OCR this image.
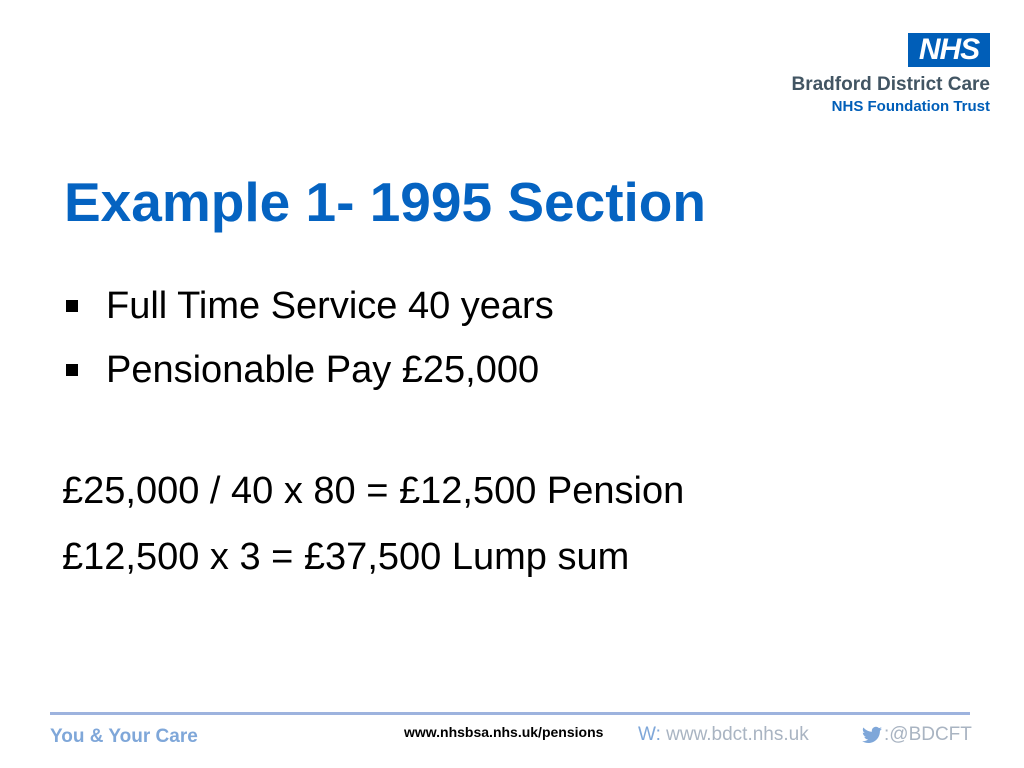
NHS
Bradford District Care
NHS Foundation Trust
Example 1- 1995 Section
Full Time Service 40 years
Pensionable Pay £25,000
£25,000 / 40 x 80 = £12,500 Pension
£12,500 x 3 = £37,500 Lump sum
You & Your Care	www.nhsbsa.nhs.uk/pensions W: www.bdct.nhs.uk	: @BDCFT
